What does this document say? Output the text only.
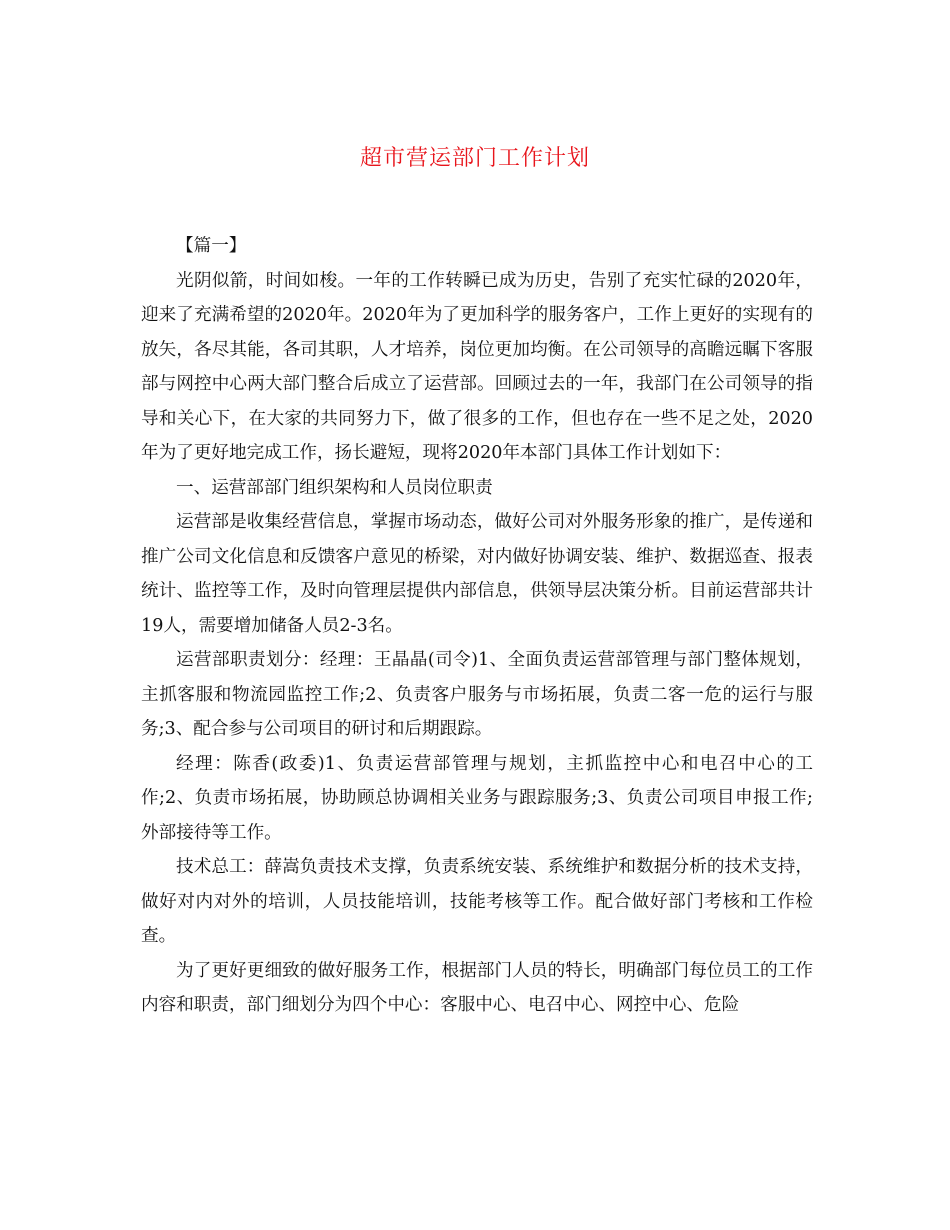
超市营运部门工作计划

【篇一】

光阴似箭，时间如梭。一年的工作转瞬已成为历史，告别了充实忙碌的2020年，迎来了充满希望的2020年。2020年为了更加科学的服务客户，工作上更好的实现有的放矢，各尽其能，各司其职，人才培养，岗位更加均衡。在公司领导的高瞻远瞩下客服部与网控中心两大部门整合后成立了运营部。回顾过去的一年，我部门在公司领导的指导和关心下，在大家的共同努力下，做了很多的工作，但也存在一些不足之处，2020年为了更好地完成工作，扬长避短，现将2020年本部门具体工作计划如下：

一、运营部部门组织架构和人员岗位职责

运营部是收集经营信息，掌握市场动态，做好公司对外服务形象的推广，是传递和推广公司文化信息和反馈客户意见的桥梁，对内做好协调安装、维护、数据巡查、报表统计、监控等工作，及时向管理层提供内部信息，供领导层决策分析。目前运营部共计19人，需要增加储备人员2-3名。

运营部职责划分：经理：王晶晶(司令)1、全面负责运营部管理与部门整体规划，主抓客服和物流园监控工作;2、负责客户服务与市场拓展，负责二客一危的运行与服务;3、配合参与公司项目的研讨和后期跟踪。

经理：陈香(政委)1、负责运营部管理与规划，主抓监控中心和电召中心的工作;2、负责市场拓展，协助顾总协调相关业务与跟踪服务;3、负责公司项目申报工作;外部接待等工作。

技术总工：薛嵩负责技术支撑，负责系统安装、系统维护和数据分析的技术支持，做好对内对外的培训，人员技能培训，技能考核等工作。配合做好部门考核和工作检查。

为了更好更细致的做好服务工作，根据部门人员的特长，明确部门每位员工的工作内容和职责，部门细划分为四个中心：客服中心、电召中心、网控中心、危险
